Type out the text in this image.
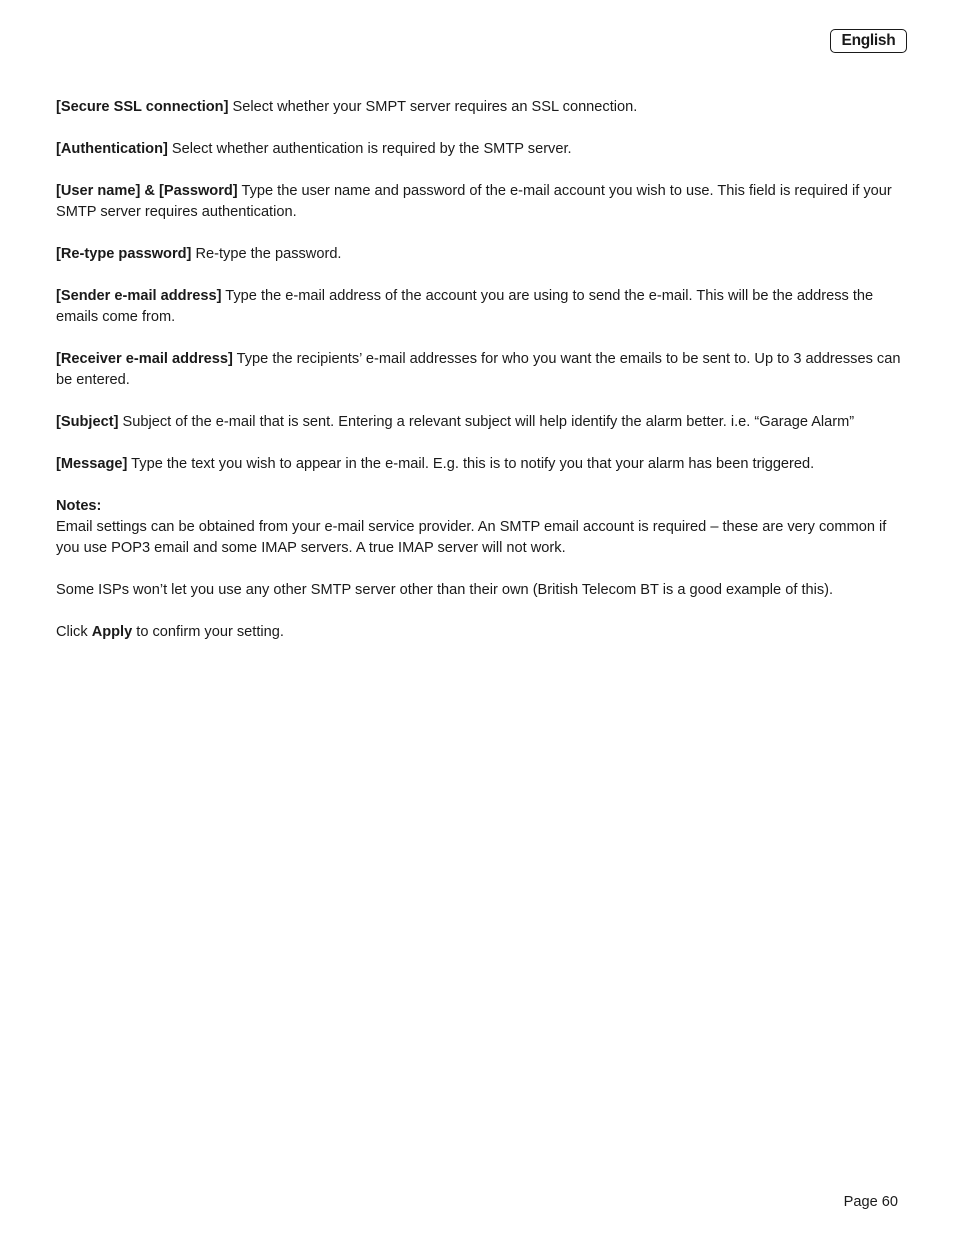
English

[Secure SSL connection] Select whether your SMPT server requires an SSL connection.

[Authentication] Select whether authentication is required by the SMTP server.

[User name] & [Password] Type the user name and password of the e-mail account you wish to use. This field is required if your SMTP server requires authentication.

[Re-type password] Re-type the password.

[Sender e-mail address] Type the e-mail address of the account you are using to send the e-mail. This will be the address the emails come from.

[Receiver e-mail address] Type the recipients’ e-mail addresses for who you want the emails to be sent to. Up to 3 addresses can be entered.

[Subject] Subject of the e-mail that is sent. Entering a relevant subject will help identify the alarm better. i.e. “Garage Alarm”

[Message] Type the text you wish to appear in the e-mail. E.g. this is to notify you that your alarm has been triggered.

Notes:

Email settings can be obtained from your e-mail service provider. An SMTP email account is required – these are very common if you use POP3 email and some IMAP servers. A true IMAP server will not work.

Some ISPs won’t let you use any other SMTP server other than their own (British Telecom BT is a good example of this).

Click Apply to confirm your setting.

Page 60
